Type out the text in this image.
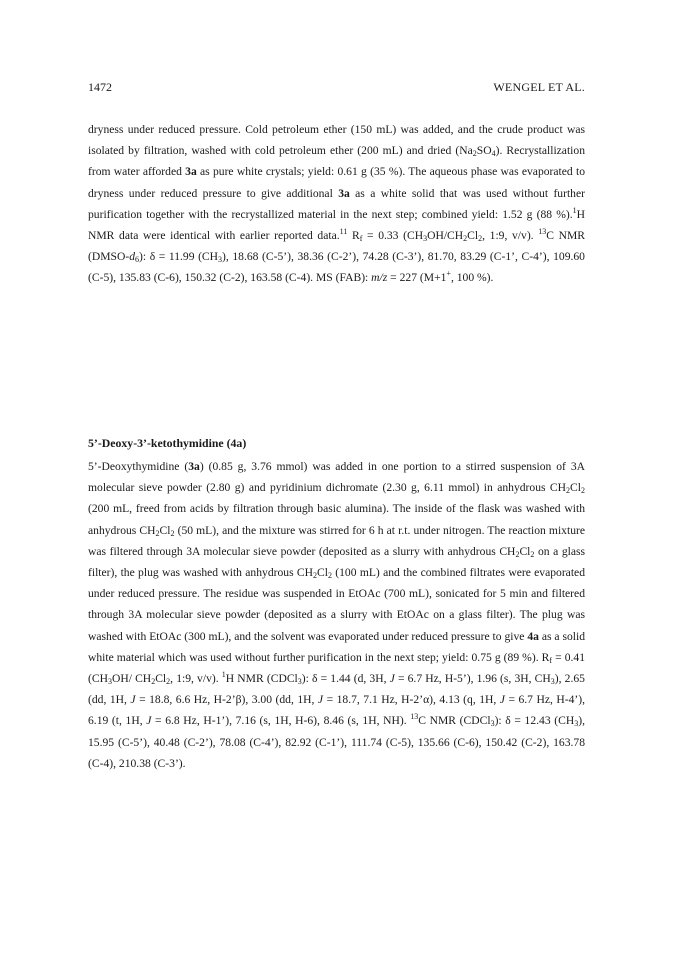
1472	WENGEL ET AL.

dryness under reduced pressure. Cold petroleum ether (150 mL) was added, and the crude product was isolated by filtration, washed with cold petroleum ether (200 mL) and dried $(Na_2SO_4)$. Recrystallization from water afforded 3a as pure white crystals; yield: 0.61 g (35 %). The aqueous phase was evaporated to dryness under reduced pressure to give additional 3a as a white solid that was used without further purification together with the recrystallized material in the next step; combined yield: 1.52 g (88 %).$^1$H NMR data were identical with earlier reported data.$^{11}$ $R_f = 0.33$ ($CH_3OH/CH_2Cl_2$, 1:9, v/v). $^{13}$C NMR $(DMSO-d_6)$: δ = 11.99 $(CH_3)$, 18.68 (C-5’), 38.36 (C-2’), 74.28 (C-3’), 81.70, 83.29 (C-1’, C-4’), 109.60 (C-5), 135.83 (C-6), 150.32 (C-2), 163.58 (C-4). MS (FAB): m/z = 227 (M+1+, 100 %).

5’-Deoxy-3’-ketothymidine (4a)

5’-Deoxythymidine (3a) (0.85 g, 3.76 mmol) was added in one portion to a stirred suspension of 3A molecular sieve powder (2.80 g) and pyridinium dichromate (2.30 g, 6.11 mmol) in anhydrous $CH_2Cl_2$ (200 mL, freed from acids by filtration through basic alumina). The inside of the flask was washed with anhydrous $CH_2Cl_2$ (50 mL), and the mixture was stirred for 6 h at r.t. under nitrogen. The reaction mixture was filtered through 3A molecular sieve powder (deposited as a slurry with anhydrous $CH_2Cl_2$ on a glass filter), the plug was washed with anhydrous $CH_2Cl_2$ (100 mL) and the combined filtrates were evaporated under reduced pressure. The residue was suspended in EtOAc (700 mL), sonicated for 5 min and filtered through 3A molecular sieve powder (deposited as a slurry with EtOAc on a glass filter). The plug was washed with EtOAc (300 mL), and the solvent was evaporated under reduced pressure to give 4a as a solid white material which was used without further purification in the next step; yield: 0.75 g (89 %). $R_f = 0.41$ ($CH_3OH/$ $CH_2Cl_2$, 1:9, v/v). $^1$H NMR (CDCl$_3$): δ = 1.44 (d, 3H, J = 6.7 Hz, H-5’), 1.96 (s, 3H, $CH_3$), 2.65 (dd, 1H, J = 18.8, 6.6 Hz, H-2’β), 3.00 (dd, 1H, J = 18.7, 7.1 Hz, H-2’α), 4.13 (q, 1H, J = 6.7 Hz, H-4’), 6.19 (t, 1H, J = 6.8 Hz, H-1’), 7.16 (s, 1H, H-6), 8.46 (s, 1H, NH). $^{13}$C NMR (CDCl$_3$): δ = 12.43 $(CH_3)$, 15.95 (C-5’), 40.48 (C-2’), 78.08 (C-4’), 82.92 (C-1’), 111.74 (C-5), 135.66 (C-6), 150.42 (C-2), 163.78 (C-4), 210.38 (C-3’).
